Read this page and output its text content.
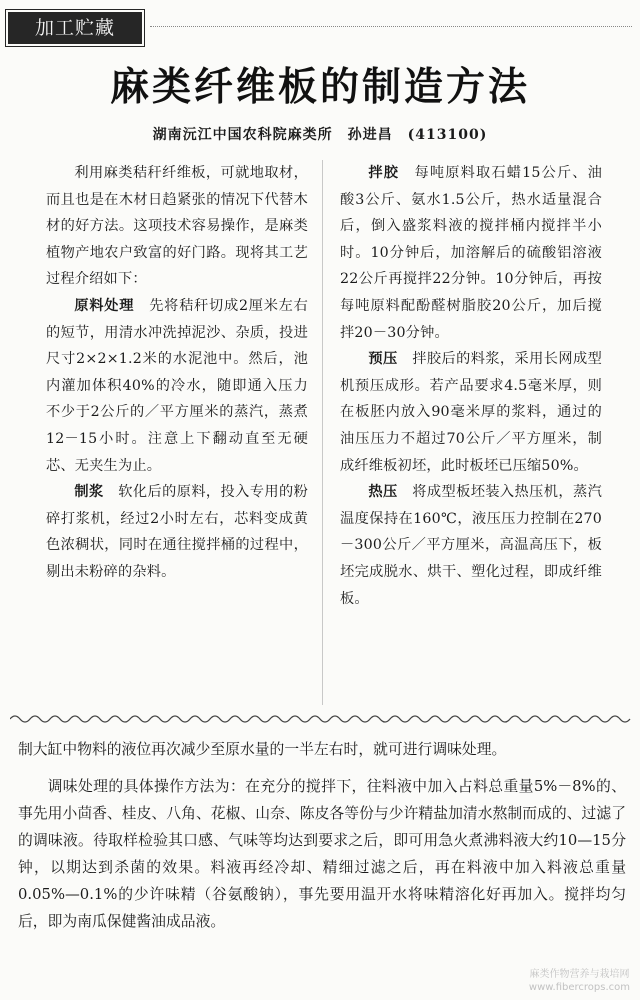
加工贮藏
麻类纤维板的制造方法
湖南沅江中国农科院麻类所　孙进昌　(413100)

利用麻类秸秆纤维板，可就地取材，而且也是在木材日趋紧张的情况下代替木材的好方法。这项技术容易操作，是麻类植物产地农户致富的好门路。现将其工艺过程介绍如下：

原料处理　 先将秸秆切成2厘米左右的短节，用清水冲洗掉泥沙、杂质，投进尺寸2×2×1.2米的水泥池中。然后，池内灌加体积40%的冷水，随即通入压力不少于2公斤的／平方厘米的蒸汽，蒸煮12－15小时。注意上下翻动直至无硬芯、无夹生为止。

制浆　 软化后的原料，投入专用的粉碎打浆机，经过2小时左右，芯料变成黄色浓稠状，同时在通往搅拌桶的过程中，剔出未粉碎的杂料。

拌胶　 每吨原料取石蜡15公斤、油酸3公斤、氨水1.5公斤，热水适量混合后，倒入盛浆料液的搅拌桶内搅拌半小时。10分钟后，加溶解后的硫酸铝溶液22公斤再搅拌22分钟。10分钟后，再按每吨原料配酚醛树脂胶20公斤，加后搅拌20－30分钟。

预压　 拌胶后的料浆，采用长网成型机预压成形。若产品要求4.5毫米厚，则在板胚内放入90毫米厚的浆料，通过的油压压力不超过70公斤／平方厘米，制成纤维板初坯，此时板坯已压缩50%。

热压　 将成型板坯装入热压机，蒸汽温度保持在160℃，液压压力控制在270－300公斤／平方厘米，高温高压下，板坯完成脱水、烘干、塑化过程，即成纤维板。

制大缸中物料的液位再次减少至原水量的一半左右时，就可进行调味处理。

调味处理的具体操作方法为：在充分的搅拌下，往料液中加入占料总重量5%－8%的、事先用小茴香、桂皮、八角、花椒、山奈、陈皮各等份与少许精盐加清水熬制而成的、过滤了的调味液。待取样检验其口感、气味等均达到要求之后，即可用急火煮沸料液大约10—15分钟，以期达到杀菌的效果。料液再经冷却、精细过滤之后，再在料液中加入料液总重量0.05%—0.1%的少许味精（谷氨酸钠），事先要用温开水将味精溶化好再加入。搅拌均匀后，即为南瓜保健酱油成品液。

麻类作物营养与栽培网
www.fibercrops.com
